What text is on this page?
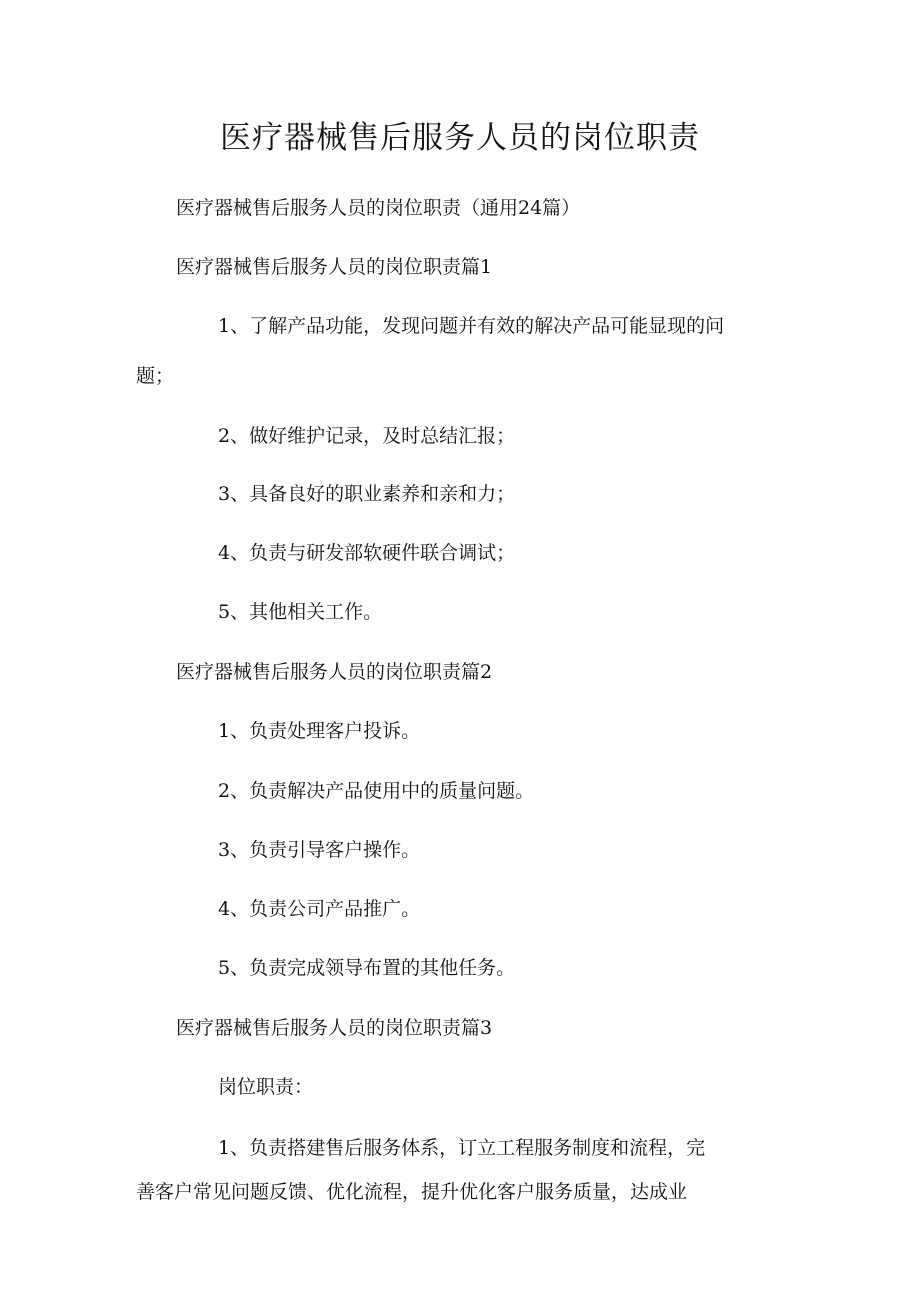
医疗器械售后服务人员的岗位职责

医疗器械售后服务人员的岗位职责（通用24篇）

医疗器械售后服务人员的岗位职责篇1

1、了解产品功能，发现问题并有效的解决产品可能显现的问

题；

2、做好维护记录，及时总结汇报；

3、具备良好的职业素养和亲和力；

4、负责与研发部软硬件联合调试；

5、其他相关工作。

医疗器械售后服务人员的岗位职责篇2

1、负责处理客户投诉。

2、负责解决产品使用中的质量问题。

3、负责引导客户操作。

4、负责公司产品推广。

5、负责完成领导布置的其他任务。

医疗器械售后服务人员的岗位职责篇3

岗位职责：

1、负责搭建售后服务体系，订立工程服务制度和流程，完

善客户常见问题反馈、优化流程，提升优化客户服务质量，达成业
